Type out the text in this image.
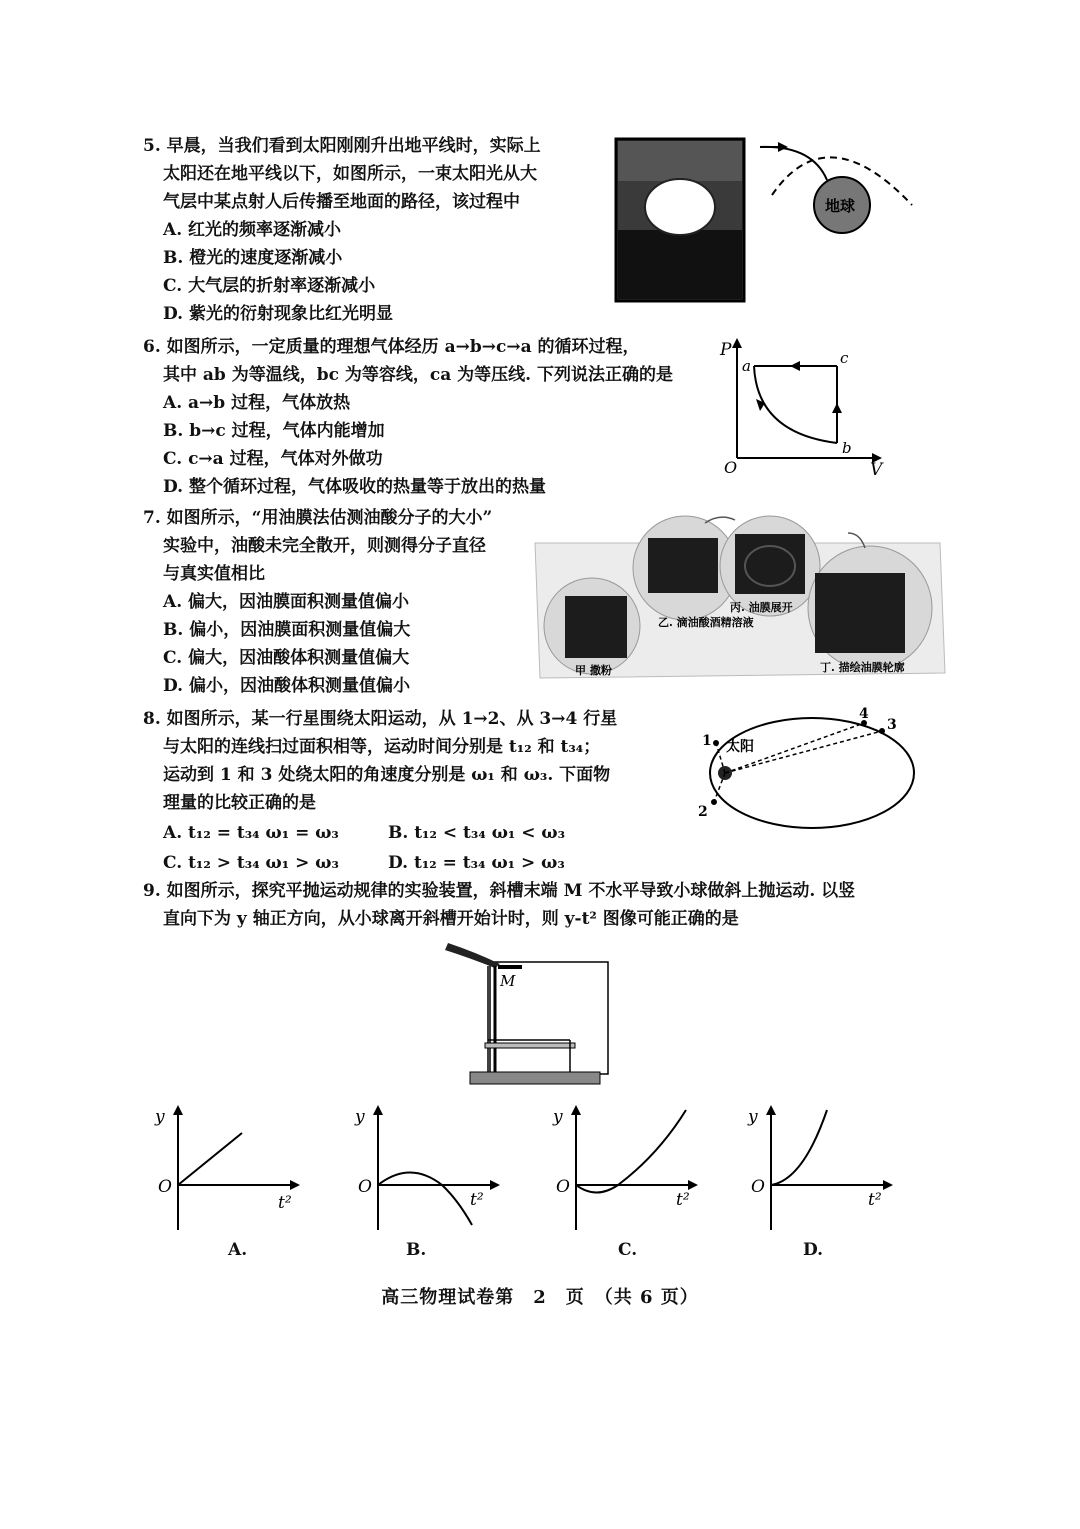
5. 早晨，当我们看到太阳刚刚升出地平线时，实际上
太阳还在地平线以下，如图所示，一束太阳光从大
气层中某点射人后传播至地面的路径，该过程中
A. 红光的频率逐渐减小
B. 橙光的速度逐渐减小
C. 大气层的折射率逐渐减小
D. 紫光的衍射现象比红光明显
地球
6. 如图所示，一定质量的理想气体经历 a→b→c→a 的循环过程，
其中 ab 为等温线，bc 为等容线，ca 为等压线. 下列说法正确的是
A. a→b 过程，气体放热
B. b→c 过程，气体内能增加
C. c→a 过程，气体对外做功
D. 整个循环过程，气体吸收的热量等于放出的热量
P
V
O
a
b
c
7. 如图所示，“用油膜法估测油酸分子的大小”
实验中，油酸未完全散开，则测得分子直径
与真实值相比
A. 偏大，因油膜面积测量值偏小
B. 偏小，因油膜面积测量值偏大
C. 偏大，因油酸体积测量值偏大
D. 偏小，因油酸体积测量值偏小
甲 撒粉
乙. 滴油酸酒精溶液
丙. 油膜展开
丁. 描绘油膜轮廓
8. 如图所示，某一行星围绕太阳运动，从 1→2、从 3→4 行星
与太阳的连线扫过面积相等，运动时间分别是 t₁₂ 和 t₃₄；
运动到 1 和 3 处绕太阳的角速度分别是 ω₁ 和 ω₃. 下面物
理量的比较正确的是
A. t₁₂ = t₃₄ ω₁ = ω₃	B. t₁₂ < t₃₄ ω₁ < ω₃
C. t₁₂ > t₃₄ ω₁ > ω₃	D. t₁₂ = t₃₄ ω₁ > ω₃
1
2
3
4
太阳
9. 如图所示，探究平抛运动规律的实验装置，斜槽末端 M 不水平导致小球做斜上抛运动. 以竖
直向下为 y 轴正方向，从小球离开斜槽开始计时，则 y-t² 图像可能正确的是
M
y
O
t²
A.
y
O
t²
B.
y
O
t²
C.
y
O
t²
D.
高三物理试卷第　2　页　（共 6 页）
